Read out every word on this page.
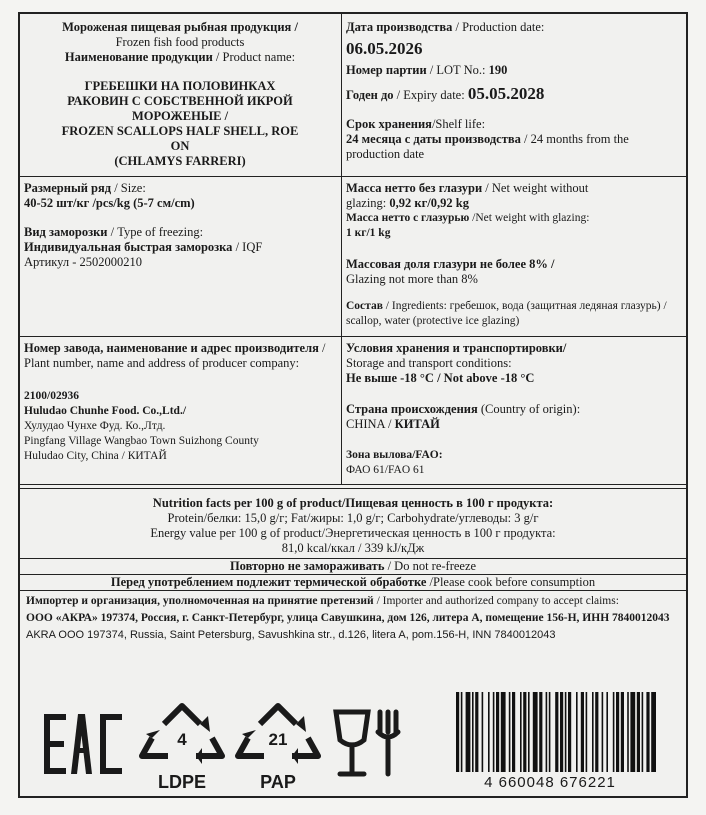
Мороженая пищевая рыбная продукция /

Frozen fish food products

Наименование продукции / Product name:

ГРЕБЕШКИ НА ПОЛОВИНКАХ

РАКОВИН С СОБСТВЕННОЙ ИКРОЙ

МОРОЖЕНЫЕ /

FROZEN SCALLOPS HALF SHELL, ROE

ON

(CHLAMYS FARRERI)

Дата производства / Production date:

06.05.2026

Номер партии / LOT No.: 190

Годен до / Expiry date: 05.05.2028

Срок хранения/Shelf life:

24 месяца с даты производства / 24 months from the production date

Размерный ряд / Size:

40-52 шт/кг /pcs/kg (5-7 см/cm)

Вид заморозки / Type of freezing:

Индивидуальная быстрая заморозка / IQF

Артикул - 2502000210

Масса нетто без глазури / Net weight without

glazing: 0,92 кг/0,92 kg

Масса нетто с глазурью /Net weight with glazing:

1 кг/1 kg

Массовая доля глазури не более 8% /

Glazing not more than 8%

Состав / Ingredients: гребешок, вода (защитная ледяная глазурь) / scallop, water (protective ice glazing)

Номер завода, наименование и адрес производителя / Plant number, name and address of producer company:

2100/02936

Huludao Chunhe Food. Co.,Ltd./

Хулудао Чунхе Фуд. Ко.,Лтд.

Pingfang Village Wangbao Town Suizhong County

Huludao City, China / КИТАЙ

Условия хранения и транспортировки/

Storage and transport conditions:

Не выше -18 °С / Not above -18 °С

Страна происхождения (Country of origin):

CHINA / КИТАЙ

Зона вылова/FAO:

ФАО 61/FAO 61

Nutrition facts per 100 g of product/Пищевая ценность в 100 г продукта:

Protein/белки: 15,0 g/г; Fat/жиры: 1,0 g/г; Carbohydrate/углеводы: 3 g/г

Energy value per 100 g of product/Энергетическая ценность в 100 г продукта:

81,0 kcal/ккал / 339 kJ/кДж

Повторно не замораживать / Do not re-freeze
Перед употреблением подлежит термической обработке /Please cook before consumption

Импортер и организация, уполномоченная на принятие претензий / Importer and authorized company to accept claims:

ООО «АКРА» 197374, Россия, г. Санкт-Петербург, улица Савушкина, дом 126, литера А, помещение 156-Н, ИНН 7840012043

AKRA OOO 197374, Russia, Saint Petersburg, Savushkina str., d.126, litera A, pom.156-H, INN 7840012043

4
LDPE
21
PAP	4 660048 676221
